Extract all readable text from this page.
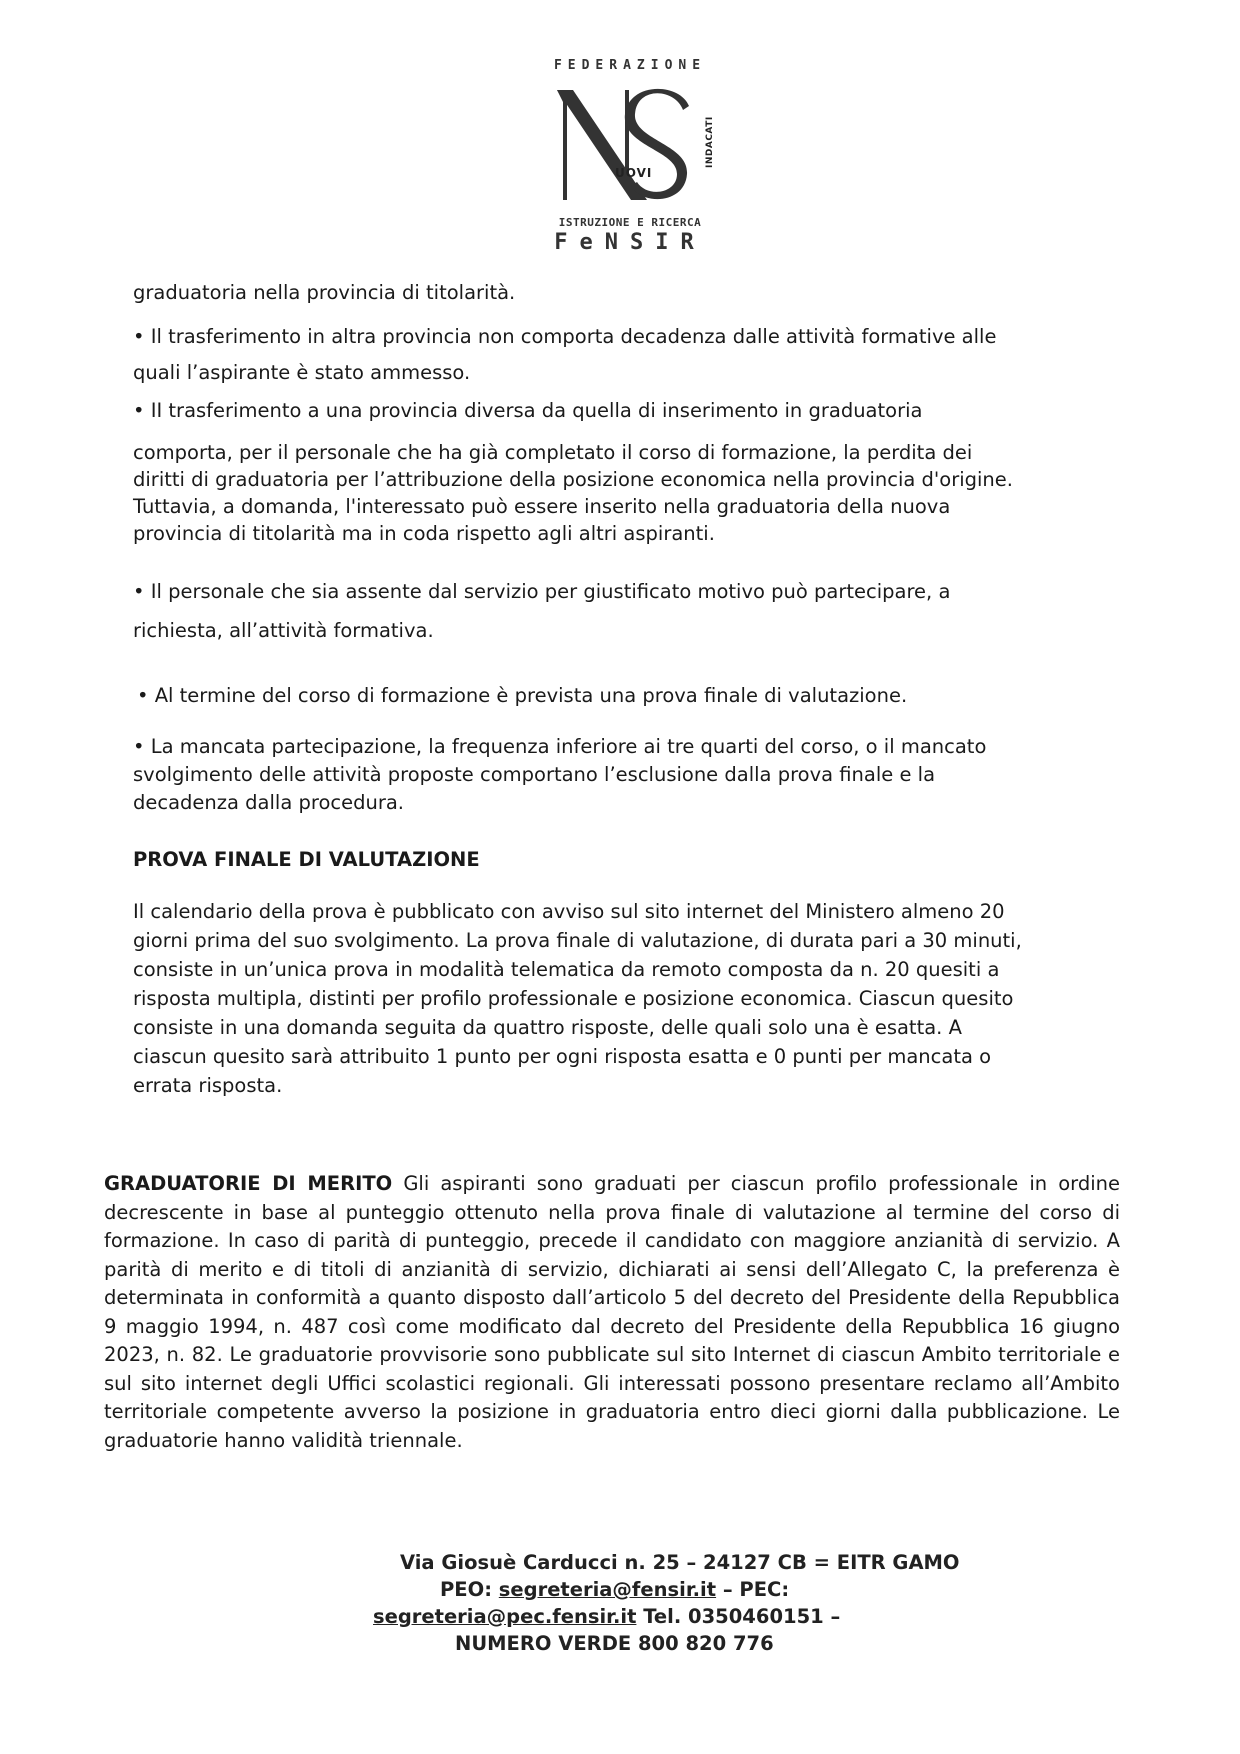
FEDERAZIONE
UOVI
INDACATI
ISTRUZIONE E RICERCA
FeNSIR
graduatoria nella provincia di titolarità.
• Il trasferimento in altra provincia non comporta decadenza dalle attività formative alle
quali l’aspirante è stato ammesso.
• II trasferimento a una provincia diversa da quella di inserimento in graduatoria
comporta, per il personale che ha già completato il corso di formazione, la perdita dei
diritti di graduatoria per l’attribuzione della posizione economica nella provincia d'origine.
Tuttavia, a domanda, l'interessato può essere inserito nella graduatoria della nuova
provincia di titolarità ma in coda rispetto agli altri aspiranti.
• Il personale che sia assente dal servizio per giustificato motivo può partecipare, a
richiesta, all’attività formativa.
• Al termine del corso di formazione è prevista una prova finale di valutazione.
• La mancata partecipazione, la frequenza inferiore ai tre quarti del corso, o il mancato
svolgimento delle attività proposte comportano l’esclusione dalla prova finale e la
decadenza dalla procedura.
PROVA FINALE DI VALUTAZIONE
Il calendario della prova è pubblicato con avviso sul sito internet del Ministero almeno 20
giorni prima del suo svolgimento. La prova finale di valutazione, di durata pari a 30 minuti,
consiste in un’unica prova in modalità telematica da remoto composta da n. 20 quesiti a
risposta multipla, distinti per profilo professionale e posizione economica. Ciascun quesito
consiste in una domanda seguita da quattro risposte, delle quali solo una è esatta. A
ciascun quesito sarà attribuito 1 punto per ogni risposta esatta e 0 punti per mancata o
errata risposta.
GRADUATORIE DI MERITO Gli aspiranti sono graduati per ciascun profilo professionale in ordine decrescente in base al punteggio ottenuto nella prova finale di valutazione al termine del corso di formazione. In caso di parità di punteggio, precede il candidato con maggiore anzianità di servizio. A parità di merito e di titoli di anzianità di servizio, dichiarati ai sensi dell’Allegato C, la preferenza è determinata in conformità a quanto disposto dall’articolo 5 del decreto del Presidente della Repubblica 9 maggio 1994, n. 487 così come modificato dal decreto del Presidente della Repubblica 16 giugno 2023, n. 82. Le graduatorie provvisorie sono pubblicate sul sito Internet di ciascun Ambito territoriale e sul sito internet degli Uffici scolastici regionali. Gli interessati possono presentare reclamo all’Ambito territoriale competente avverso la posizione in graduatoria entro dieci giorni dalla pubblicazione. Le graduatorie hanno validità triennale.
Via Giosuè Carducci n. 25 – 24127 CB = EITR GAMO
PEO: segreteria@fensir.it – PEC:
segreteria@pec.fensir.it Tel. 0350460151 –
NUMERO VERDE 800 820 776
